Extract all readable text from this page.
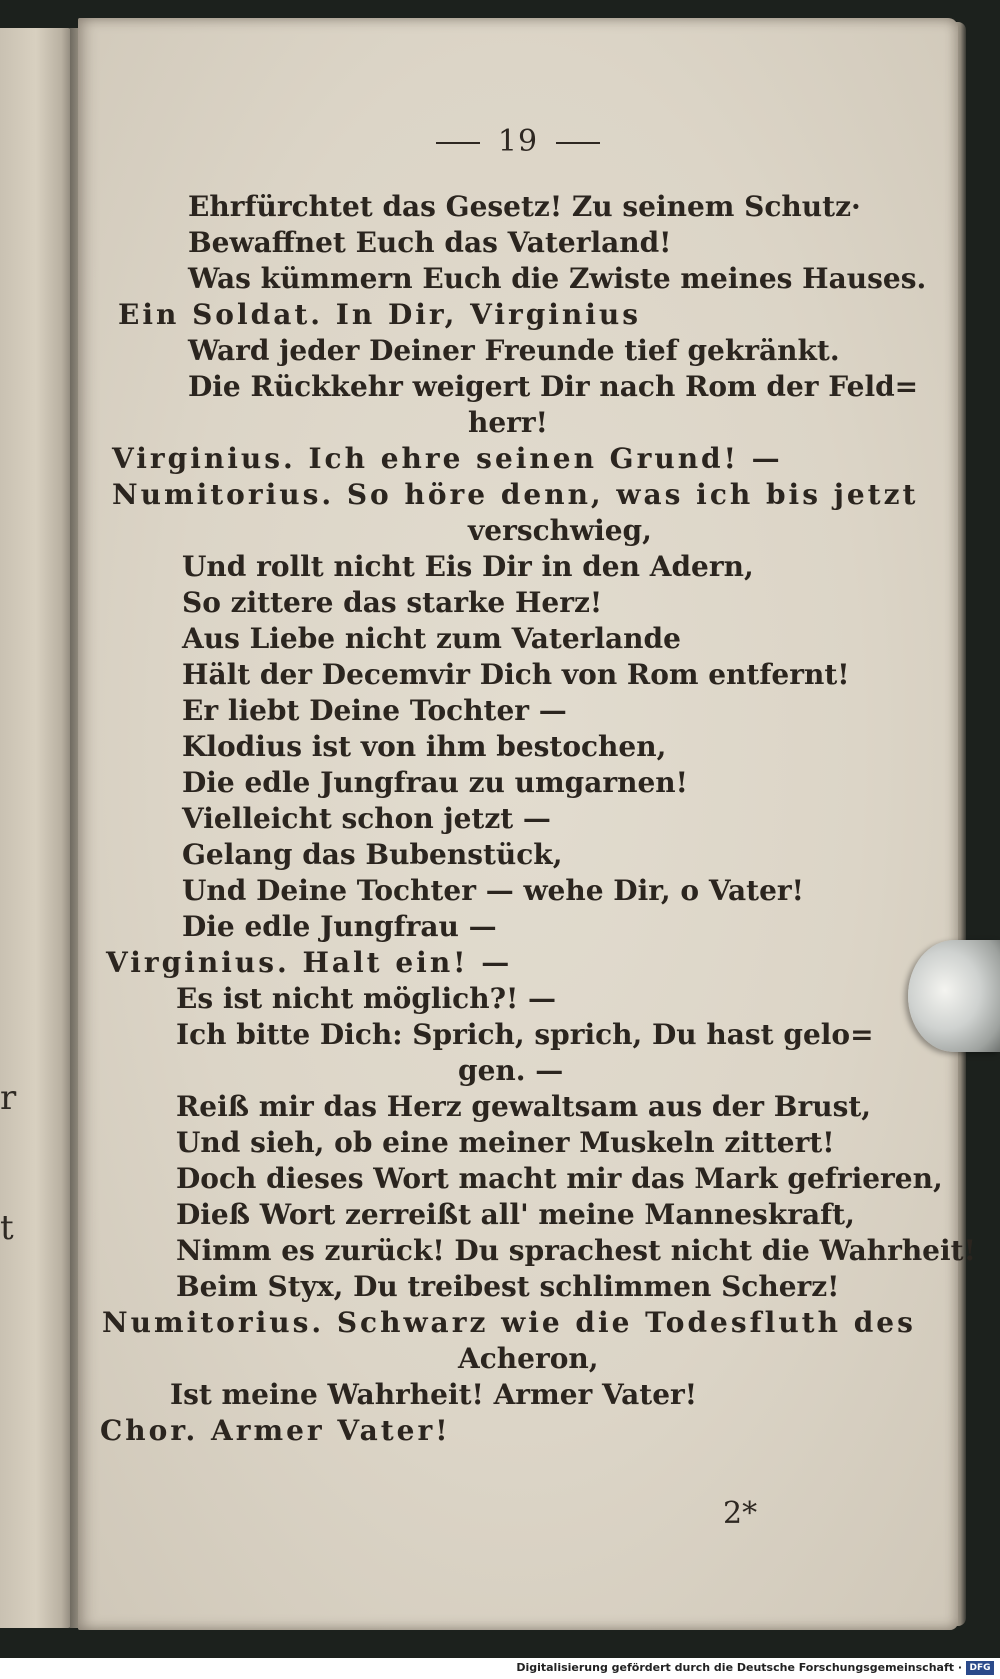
r
t
19
Ehrfürchtet das Gesetz! Zu seinem Schutz·
Bewaffnet Euch das Vaterland!
Was kümmern Euch die Zwiste meines Hauses.
Ein Soldat. In Dir, Virginius
Ward jeder Deiner Freunde tief gekränkt.
Die Rückkehr weigert Dir nach Rom der Feld=
herr!
Virginius. Ich ehre seinen Grund! —
Numitorius. So höre denn, was ich bis jetzt
verschwieg,
Und rollt nicht Eis Dir in den Adern,
So zittere das starke Herz!
Aus Liebe nicht zum Vaterlande
Hält der Decemvir Dich von Rom entfernt!
Er liebt Deine Tochter —
Klodius ist von ihm bestochen,
Die edle Jungfrau zu umgarnen!
Vielleicht schon jetzt —
Gelang das Bubenstück,
Und Deine Tochter — wehe Dir, o Vater!
Die edle Jungfrau —
Virginius. Halt ein! —
Es ist nicht möglich?! —
Ich bitte Dich: Sprich, sprich, Du hast gelo=
gen. —
Reiß mir das Herz gewaltsam aus der Brust,
Und sieh, ob eine meiner Muskeln zittert!
Doch dieses Wort macht mir das Mark gefrieren,
Dieß Wort zerreißt all' meine Manneskraft,
Nimm es zurück! Du sprachest nicht die Wahrheit!
Beim Styx, Du treibest schlimmen Scherz!
Numitorius. Schwarz wie die Todesfluth des
Acheron,
Ist meine Wahrheit! Armer Vater!
Chor. Armer Vater!
2*
Digitalisierung gefördert durch die Deutsche Forschungsgemeinschaft · DFG
